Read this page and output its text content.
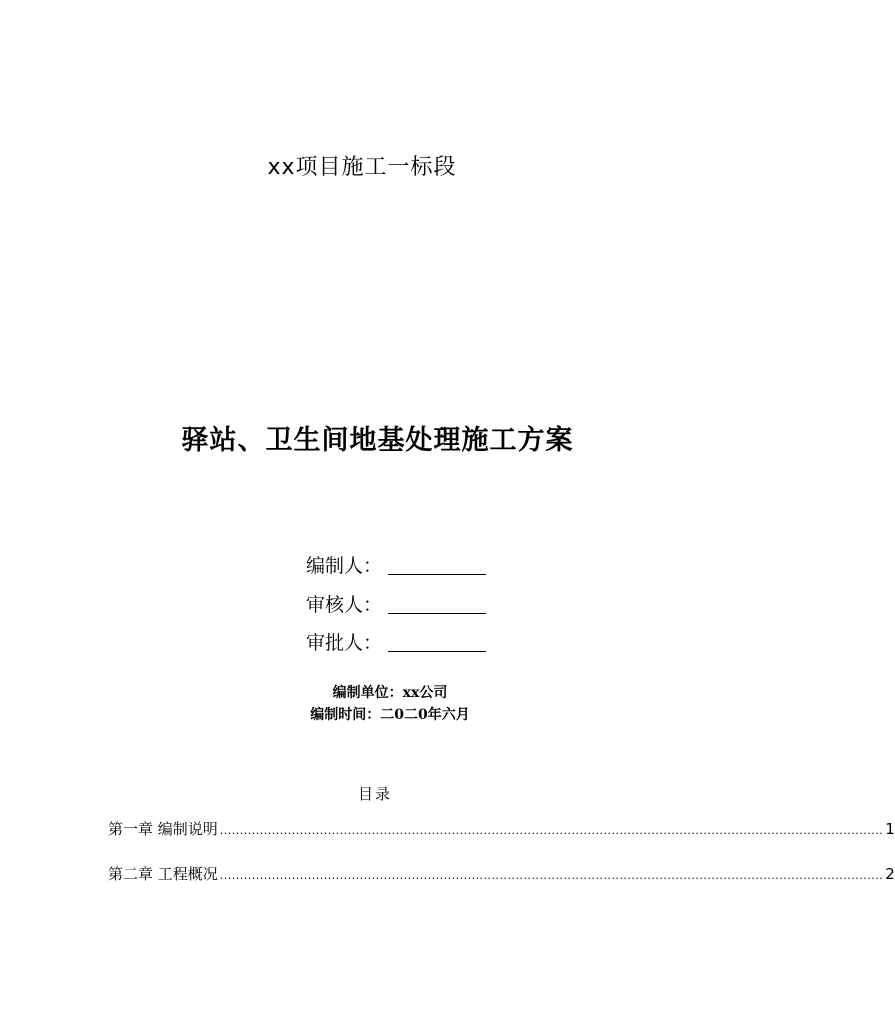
xx项目施工一标段
驿站、卫生间地基处理施工方案
编制人：
审核人：
审批人：
编制单位：xx公司
编制时间：二0二0年六月
目录
第一章 编制说明 ...................................................................................................................................................................... 1
第二章 工程概况 ...................................................................................................................................................................... 2
